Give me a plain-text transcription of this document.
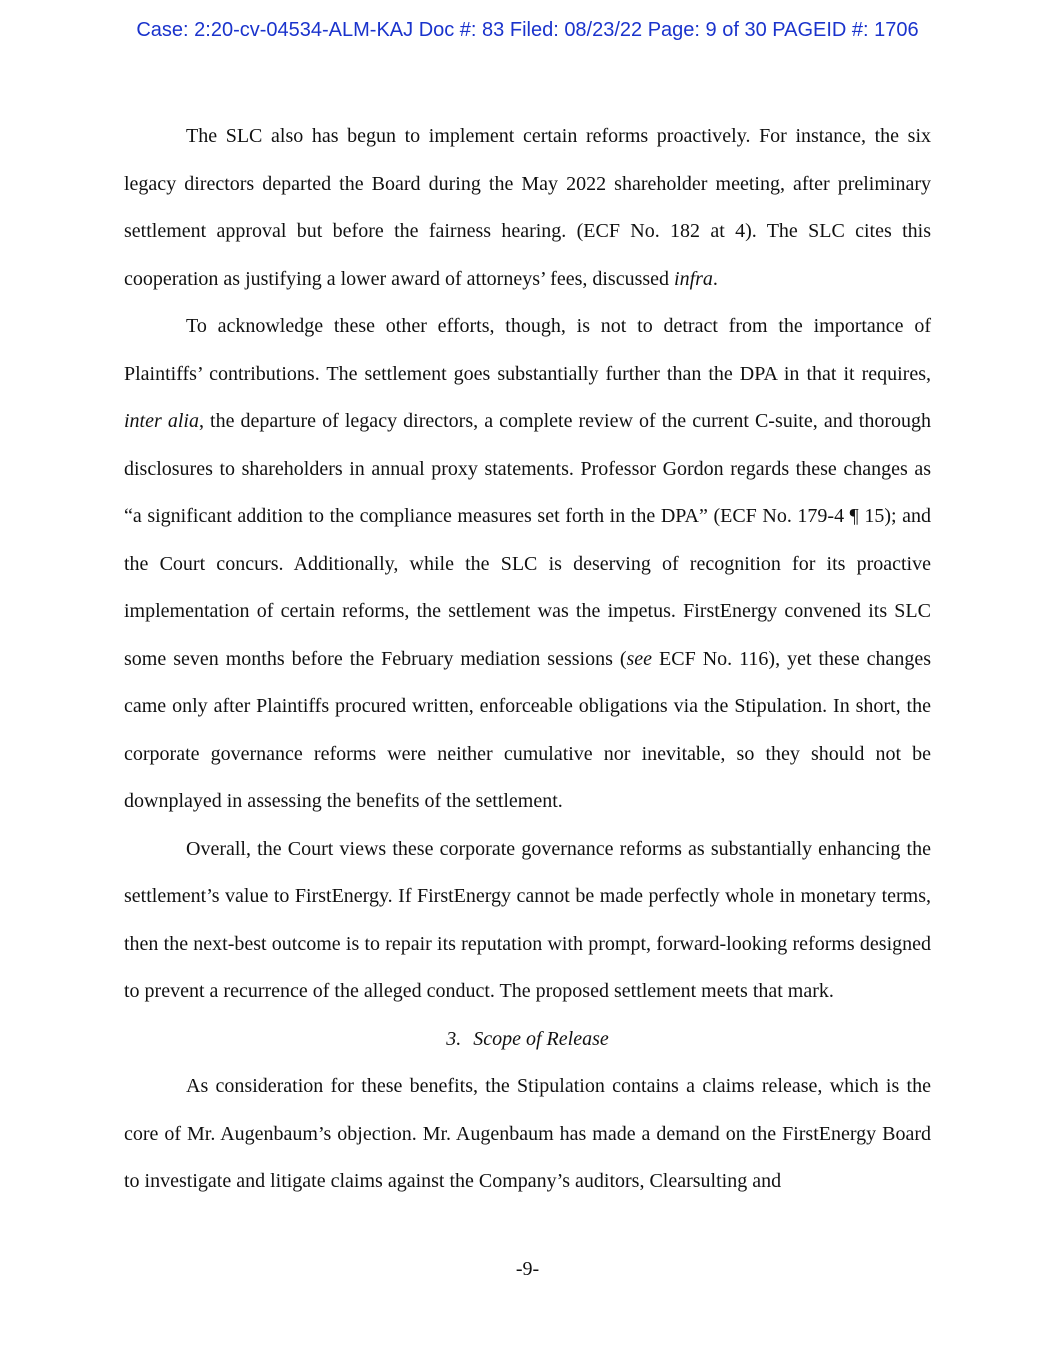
Case: 2:20-cv-04534-ALM-KAJ Doc #: 83 Filed: 08/23/22 Page: 9 of 30 PAGEID #: 1706

The SLC also has begun to implement certain reforms proactively. For instance, the six legacy directors departed the Board during the May 2022 shareholder meeting, after preliminary settlement approval but before the fairness hearing. (ECF No. 182 at 4). The SLC cites this cooperation as justifying a lower award of attorneys’ fees, discussed infra.

To acknowledge these other efforts, though, is not to detract from the importance of Plaintiffs’ contributions. The settlement goes substantially further than the DPA in that it requires, inter alia, the departure of legacy directors, a complete review of the current C-suite, and thorough disclosures to shareholders in annual proxy statements. Professor Gordon regards these changes as “a significant addition to the compliance measures set forth in the DPA” (ECF No. 179-4 ¶ 15); and the Court concurs. Additionally, while the SLC is deserving of recognition for its proactive implementation of certain reforms, the settlement was the impetus. FirstEnergy convened its SLC some seven months before the February mediation sessions (see ECF No. 116), yet these changes came only after Plaintiffs procured written, enforceable obligations via the Stipulation. In short, the corporate governance reforms were neither cumulative nor inevitable, so they should not be downplayed in assessing the benefits of the settlement.

Overall, the Court views these corporate governance reforms as substantially enhancing the settlement’s value to FirstEnergy. If FirstEnergy cannot be made perfectly whole in monetary terms, then the next-best outcome is to repair its reputation with prompt, forward-looking reforms designed to prevent a recurrence of the alleged conduct. The proposed settlement meets that mark.

3. Scope of Release

As consideration for these benefits, the Stipulation contains a claims release, which is the core of Mr. Augenbaum’s objection. Mr. Augenbaum has made a demand on the FirstEnergy Board to investigate and litigate claims against the Company’s auditors, Clearsulting and

-9-
